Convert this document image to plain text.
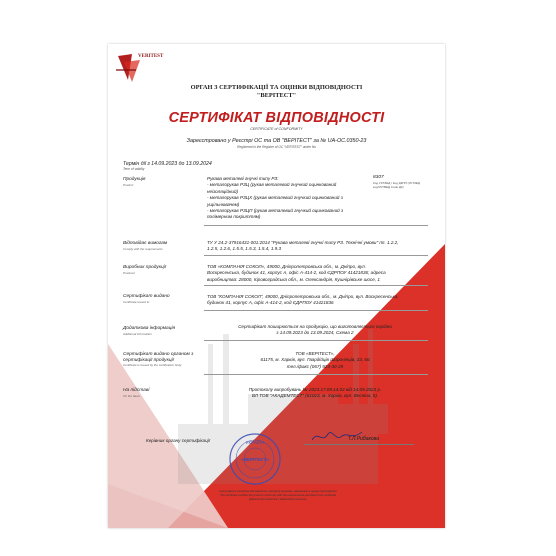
VERITEST
ОРГАН З СЕРТИФІКАЦІЇ ТА ОЦІНКИ ВІДПОВІДНОСТІ
"ВЕРІТЕСТ"
СЕРТИФІКАТ ВІДПОВІДНОСТІ
CERTIFICATE of CONFORMITY
Зареєстровано у Реєстрі ОС та ОВ "ВЕРІТЕСТ" за № UA-OC.0350-23
Registered in the Register of OC "VERITEST" under No
Термін дії з 14.09.2023 до 13.09.2024
Term of validity
Продукція
Product
Рукава металеві гнучкі типу РЗ:
- металорукав РЗЦ (рукав металевий гнучкий оцинкований
неізоляційний)
- металорукав РЗЦХ (рукав металевий гнучкий оцинкований з
ущільнювачем)
- металорукав РЗЦП (рукав металевий гнучкий оцинкований з
полімерним покриттям)
8307
Код УКТЗЕД / Код ДКПП (УКТЗЕД код/УКТВЕД Code ДК)
Відповідає вимогам
Comply with the requirements
ТУ У 24.2-37916431-001:2014 "Рукава металеві гнучкі типу РЗ. Технічні умови" пп. 1.2.2,
1.2.5, 1.2.6, 1.5.5, 1.5.3, 1.5.4, 1.9.3
Виробник продукції
Producer
ТОВ «КОМПАНІЯ СОКОЛ», 49000, Дніпропетровська обл., м. Дніпро, вул.
Воскресенська, будинок 41, корпус А, офіс А-414-2, код ЄДРПОУ 41421836; адреса
виробництва: 28000, Кіровоградська обл., м. Олександрія, Кушнірівське шосе, 1
Сертифікат видано
Certificate issued to
ТОВ "КОМПАНІЯ СОКОЛ", 49000, Дніпропетровська обл., м. Дніпро, вул. Воскресенська,
будинок 41, корпус А, офіс А-414-2, код ЄДРПОУ 41421836
Додаткова інформація
Additional information
Сертифікат поширюється на продукцію, що виготовляється серійно
з 14.09.2023 до 13.09.2024, Схема 2
Сертифікат видано органом з сертифікації продукції
Certificate is issued by the certification body
ТОВ «ВЕРІТЕСТ»,
61175, м. Харків, вул. Гвардійців Широнінців, 33, 66
тел./факс (067) 924-30-29
На підставі
On the basis
Протоколу випробувань № 2023.17.09.14.02 від 14.09.2023 р.
ВЛ ТОВ "АКАДЕМТЕСТ" (61023, м. Харків, вул. Весніна, 5).
Керівник органу сертифікації	Т.Л.Рибакова
УКРАЇНА
«ВЕРІТЕСТ»
Сертифікат засвідчує відповідність продукції вимогам, наведеним в цьому сертифікаті
The certificate certifies the product conformity with the requirements specified in the certificate
Дійсний без додатків / Valid without annexes
